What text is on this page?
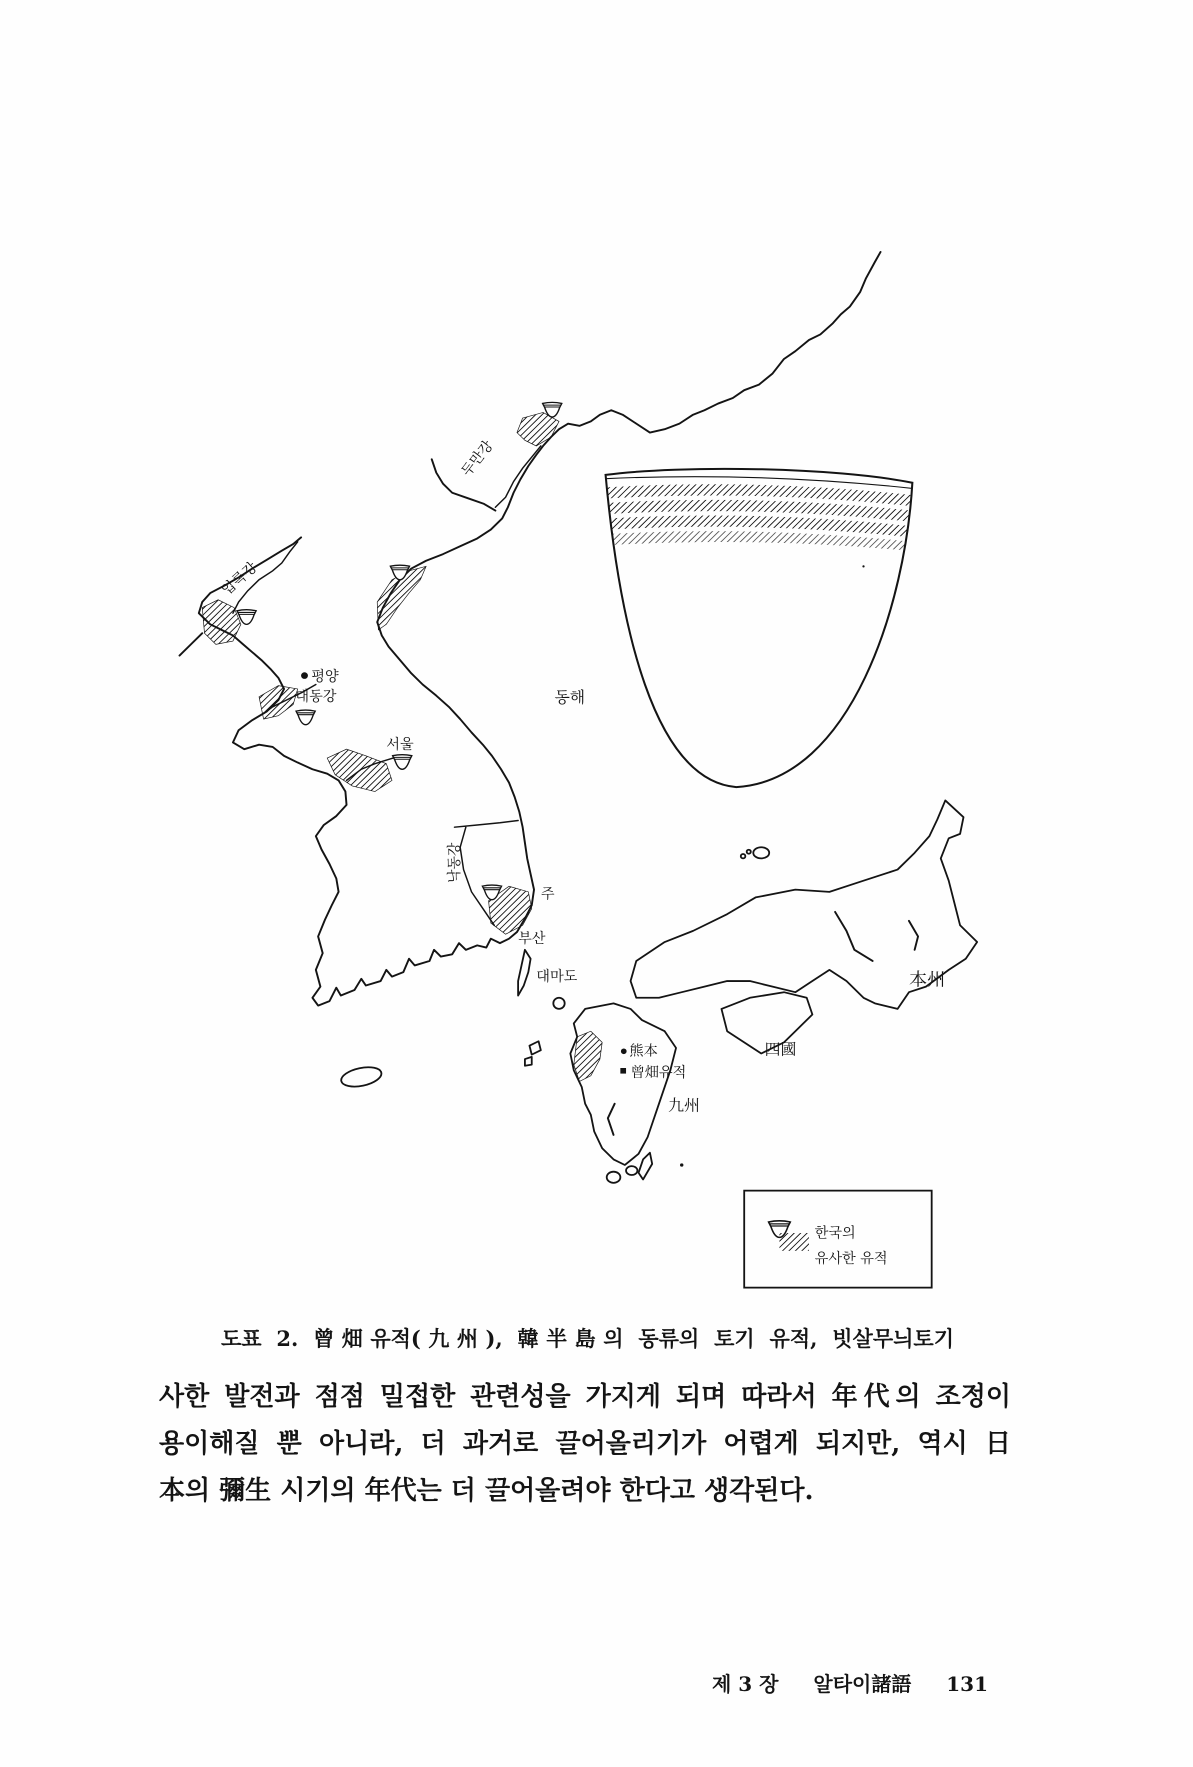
두만강
압록강
평양
대동강
서울
동해
낙동강
주
부산
대마도	本州
四國
熊本
曾畑유적
九州
한국의
유사한 유적
도표 2. 曾畑유적(九州), 韓半島의 동류의 토기 유적, 빗살무늬토기
사한 발전과 점점 밀접한 관련성을 가지게 되며 따라서 年代의 조정이
용이해질 뿐 아니라, 더 과거로 끌어올리기가 어렵게 되지만, 역시 日
本의 彌生 시기의 年代는 더 끌어올려야 한다고 생각된다.
제 3 장 알타이諸語 131
